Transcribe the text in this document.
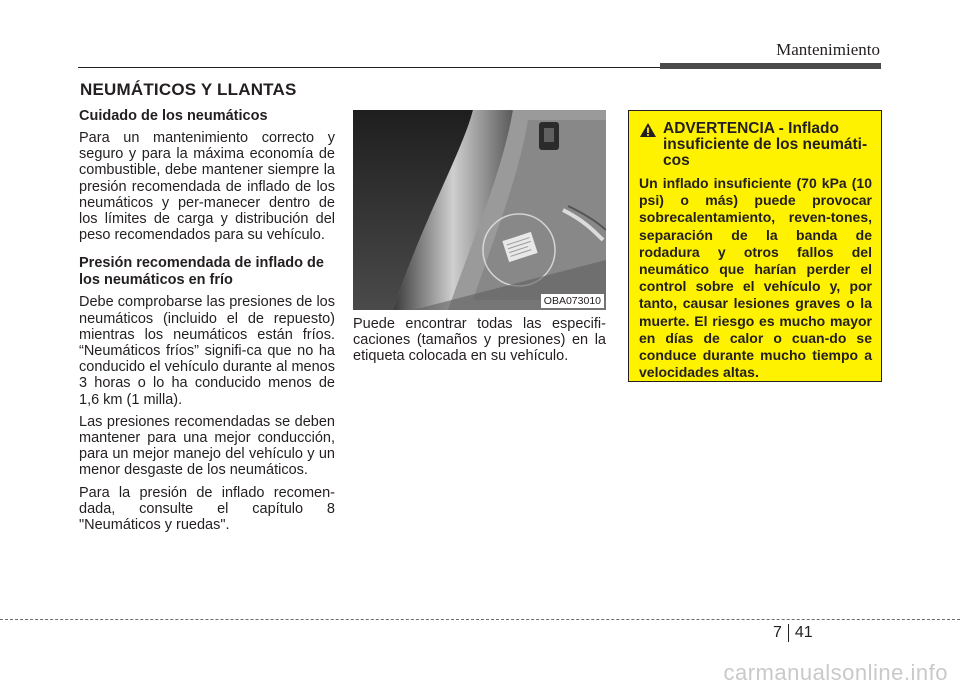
Mantenimiento
NEUMÁTICOS Y LLANTAS
Cuidado de los neumáticos

Para un mantenimiento correcto y seguro y para la máxima economía de combustible, debe mantener siempre la presión recomendada de inflado de los neumáticos y per-manecer dentro de los límites de carga y distribución del peso recomendados para su vehículo.

Presión recomendada de inflado de los neumáticos en frío

Debe comprobarse las presiones de los neumáticos (incluido el de repuesto) mientras los neumáticos están fríos. “Neumáticos fríos” signifi-ca que no ha conducido el vehículo durante al menos 3 horas o lo ha conducido menos de 1,6 km (1 milla).

Las presiones recomendadas se deben mantener para una mejor conducción, para un mejor manejo del vehículo y un menor desgaste de los neumáticos.

Para la presión de inflado recomen-dada, consulte el capítulo 8 "Neumáticos y ruedas".

OBA073010

Puede encontrar todas las especifi-caciones (tamaños y presiones) en la etiqueta colocada en su vehículo.

ADVERTENCIA - Inflado insuficiente de los neumáti-cos

Un inflado insuficiente (70 kPa (10 psi) o más) puede provocar sobrecalentamiento, reven-tones, separación de la banda de rodadura y otros fallos del neumático que harían perder el control sobre el vehículo y, por tanto, causar lesiones graves o la muerte. El riesgo es mucho mayor en días de calor o cuan-do se conduce durante mucho tiempo a velocidades altas.

7 41
carmanualsonline.info
